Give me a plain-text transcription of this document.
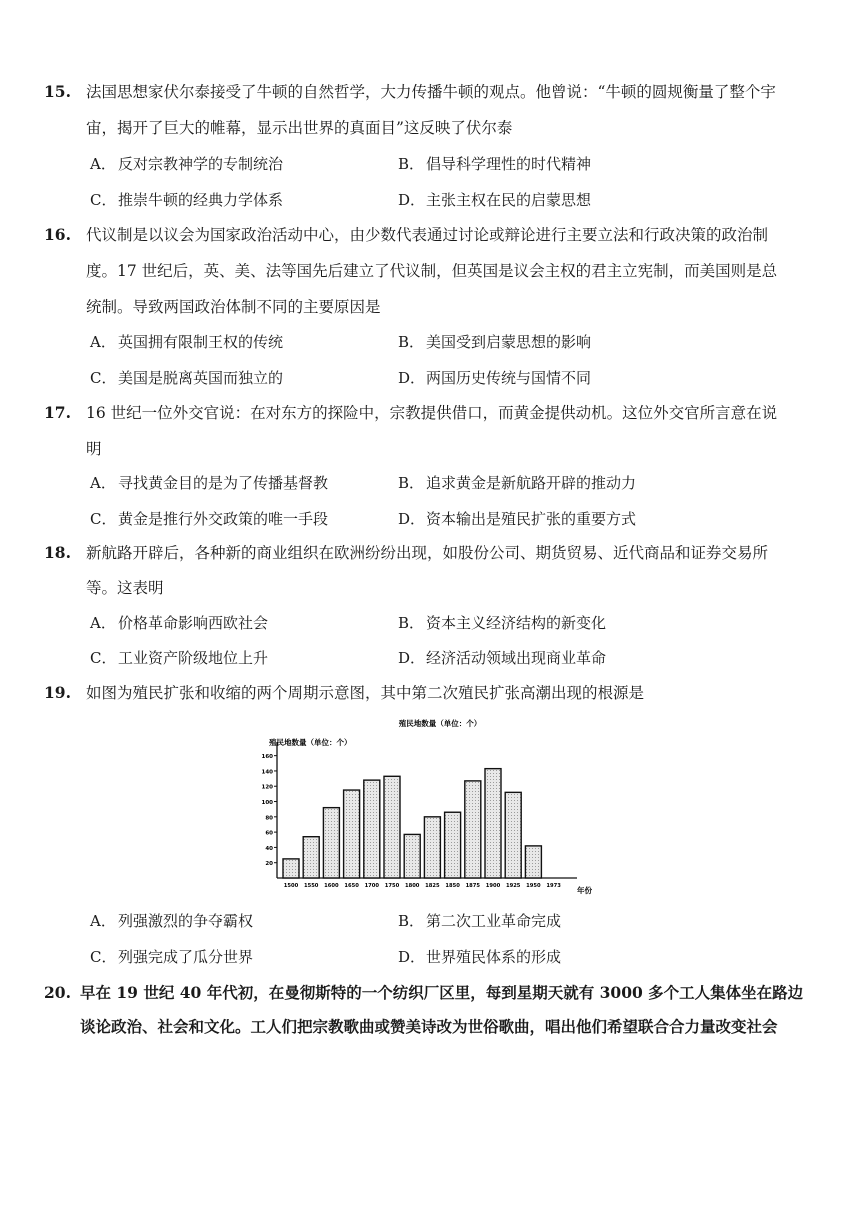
15. 法国思想家伏尔泰接受了牛顿的自然哲学，大力传播牛顿的观点。他曾说：“牛顿的圆规衡量了整个宇
宙，揭开了巨大的帷幕，显示出世界的真面目”这反映了伏尔泰
A． 反对宗教神学的专制统治	B． 倡导科学理性的时代精神
C． 推崇牛顿的经典力学体系	D．主张主权在民的启蒙思想
16. 代议制是以议会为国家政治活动中心，由少数代表通过讨论或辩论进行主要立法和行政决策的政治制
度。17 世纪后，英、美、法等国先后建立了代议制，但英国是议会主权的君主立宪制，而美国则是总
统制。导致两国政治体制不同的主要原因是
A． 英国拥有限制王权的传统	B． 美国受到启蒙思想的影响
C． 美国是脱离英国而独立的	D．两国历史传统与国情不同
17. 16 世纪一位外交官说：在对东方的探险中，宗教提供借口，而黄金提供动机。这位外交官所言意在说
明
A． 寻找黄金目的是为了传播基督教	B． 追求黄金是新航路开辟的推动力
C． 黄金是推行外交政策的唯一手段	D．资本输出是殖民扩张的重要方式
18. 新航路开辟后，各种新的商业组织在欧洲纷纷出现，如股份公司、期货贸易、近代商品和证券交易所
等。这表明
A． 价格革命影响西欧社会	B． 资本主义经济结构的新变化
C． 工业资产阶级地位上升	D．经济活动领域出现商业革命
19. 如图为殖民扩张和收缩的两个周期示意图，其中第二次殖民扩张高潮出现的根源是
殖民地数量（单位：个）
殖民地数量（单位：个）
年份
20
40
60
80
100
120
140
160
1500 1550 1600 1650 1700 1750 1800 1825 1850 1875 1900 1925 1950 1973
A． 列强激烈的争夺霸权	B． 第二次工业革命完成
C． 列强完成了瓜分世界	D．世界殖民体系的形成
20. 早在 19 世纪 40 年代初，在曼彻斯特的一个纺织厂区里，每到星期天就有 3000 多个工人集体坐在路边
谈论政治、社会和文化。工人们把宗教歌曲或赞美诗改为世俗歌曲，唱出他们希望联合合力量改变社会
